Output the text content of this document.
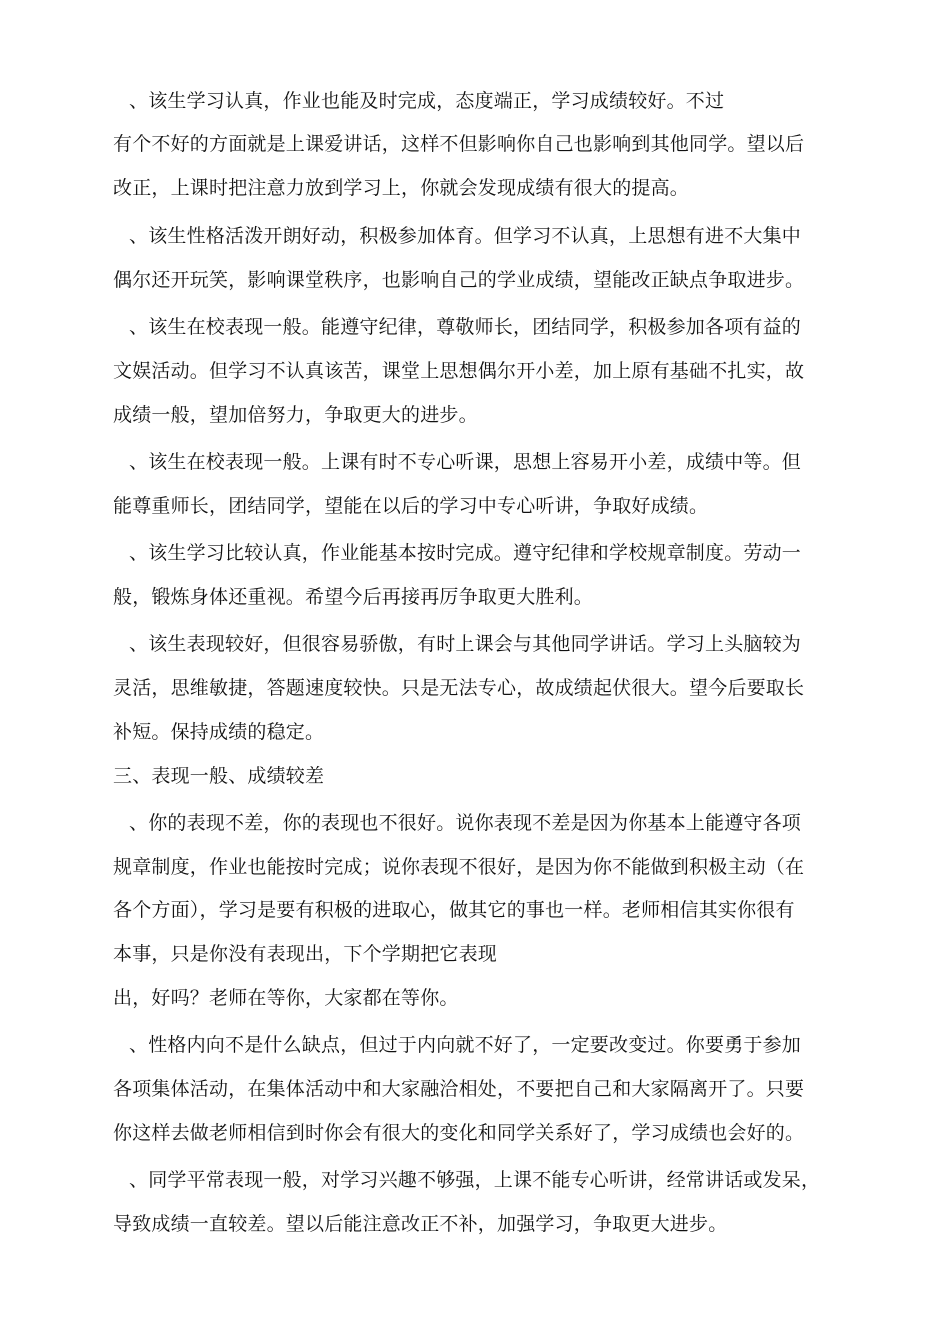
、该生学习认真，作业也能及时完成，态度端正，学习成绩较好。不过
有个不好的方面就是上课爱讲话，这样不但影响你自己也影响到其他同学。望以后
改正，上课时把注意力放到学习上，你就会发现成绩有很大的提高。
、该生性格活泼开朗好动，积极参加体育。但学习不认真，上思想有进不大集中
偶尔还开玩笑，影响课堂秩序，也影响自己的学业成绩，望能改正缺点争取进步。
、该生在校表现一般。能遵守纪律，尊敬师长，团结同学，积极参加各项有益的
文娱活动。但学习不认真该苦，课堂上思想偶尔开小差，加上原有基础不扎实，故
成绩一般，望加倍努力，争取更大的进步。
、该生在校表现一般。上课有时不专心听课，思想上容易开小差，成绩中等。但
能尊重师长，团结同学，望能在以后的学习中专心听讲，争取好成绩。
、该生学习比较认真，作业能基本按时完成。遵守纪律和学校规章制度。劳动一
般，锻炼身体还重视。希望今后再接再厉争取更大胜利。
、该生表现较好，但很容易骄傲，有时上课会与其他同学讲话。学习上头脑较为
灵活，思维敏捷，答题速度较快。只是无法专心，故成绩起伏很大。望今后要取长
补短。保持成绩的稳定。
三、表现一般、成绩较差
、你的表现不差，你的表现也不很好。说你表现不差是因为你基本上能遵守各项
规章制度，作业也能按时完成；说你表现不很好，是因为你不能做到积极主动（在
各个方面），学习是要有积极的进取心，做其它的事也一样。老师相信其实你很有
本事，只是你没有表现出，下个学期把它表现
出，好吗？老师在等你，大家都在等你。
、性格内向不是什么缺点，但过于内向就不好了，一定要改变过。你要勇于参加
各项集体活动，在集体活动中和大家融洽相处，不要把自己和大家隔离开了。只要
你这样去做老师相信到时你会有很大的变化和同学关系好了，学习成绩也会好的。
、同学平常表现一般，对学习兴趣不够强，上课不能专心听讲，经常讲话或发呆，
导致成绩一直较差。望以后能注意改正不补，加强学习，争取更大进步。
